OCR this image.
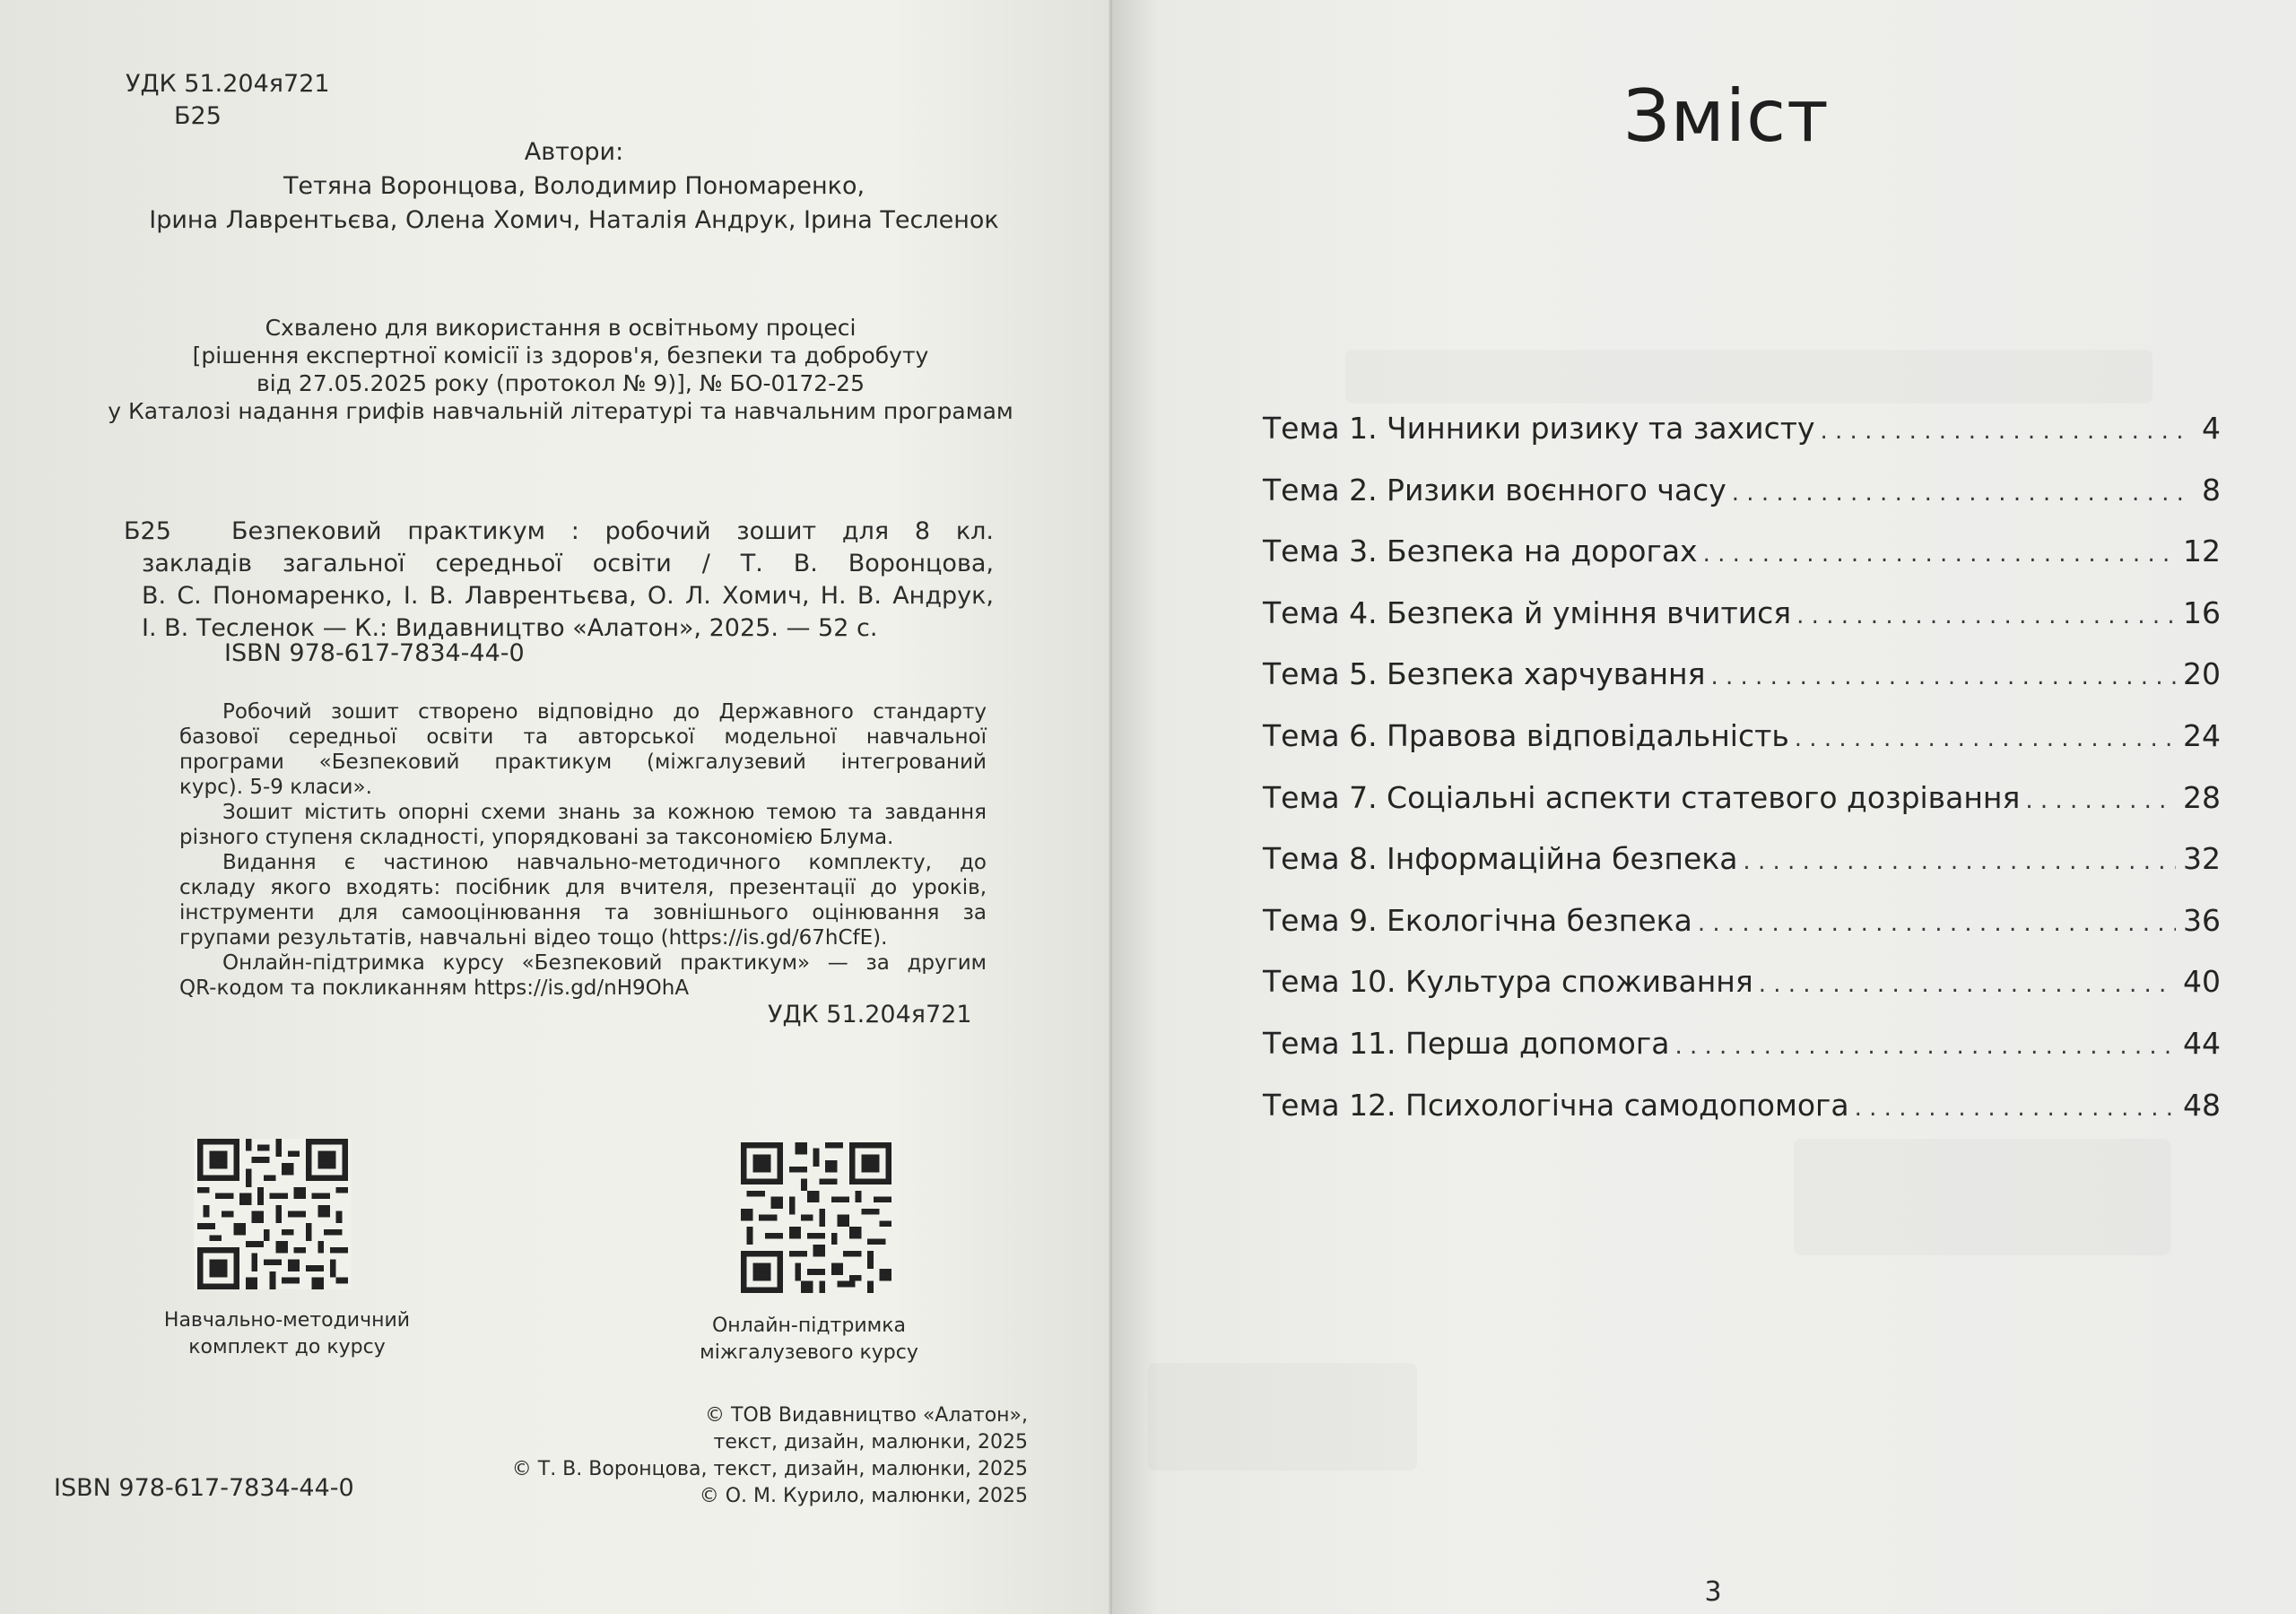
УДК 51.204я721
Б25
Автори:
Тетяна Воронцова, Володимир Пономаренко,
Ірина Лаврентьєва, Олена Хомич, Наталія Андрук, Ірина Тесленок
Схвалено для використання в освітньому процесі
[рішення експертної комісії із здоров'я, безпеки та добробуту
від 27.05.2025 року (протокол № 9)], № БО-0172-25
у Каталозі надання грифів навчальній літературі та навчальним програмам
Б25 Безпековий практикум : робочий зошит для 8 кл.
закладів загальної середньої освіти / Т. В. Воронцова,
В. С. Пономаренко, І. В. Лаврентьєва, О. Л. Хомич, Н. В. Андрук,
І. В. Тесленок — К.: Видавництво «Алатон», 2025. — 52 с.
ISBN 978-617-7834-44-0

Робочий зошит створено відповідно до Державного стандарту
базової середньої освіти та авторської модельної навчальної
програми «Безпековий практикум (міжгалузевий інтегрований
курс). 5-9 класи».

Зошит містить опорні схеми знань за кожною темою та завдання
різного ступеня складності, упорядковані за таксономією Блума.

Видання є частиною навчально-методичного комплекту, до
складу якого входять: посібник для вчителя, презентації до уроків,
інструменти для самооцінювання та зовнішнього оцінювання за
групами результатів, навчальні відео тощо (https://is.gd/67hCfE).

Онлайн-підтримка курсу «Безпековий практикум» — за другим
QR-кодом та покликанням https://is.gd/nH9OhA

УДК 51.204я721
Навчально-методичний
комплект до курсу
Онлайн-підтримка
міжгалузевого курсу
ISBN 978-617-7834-44-0
© ТОВ Видавництво «Алатон»,
текст, дизайн, малюнки, 2025
© Т. В. Воронцова, текст, дизайн, малюнки, 2025
© О. М. Курило, малюнки, 2025
Зміст
Тема 1. Чинники ризику та захисту . . .	4
Тема 2. Ризики воєнного часу . . .	8
Тема 3. Безпека на дорогах . . .	12
Тема 4. Безпека й уміння вчитися . . .	16
Тема 5. Безпека харчування . . .	20
Тема 6. Правова відповідальність . . .	24
Тема 7. Соціальні аспекти статевого дозрівання . . .	28
Тема 8. Інформаційна безпека . . .	32
Тема 9. Екологічна безпека . . .	36
Тема 10. Культура споживання . . .	40
Тема 11. Перша допомога . . .	44
Тема 12. Психологічна самодопомога . . .	48
3
